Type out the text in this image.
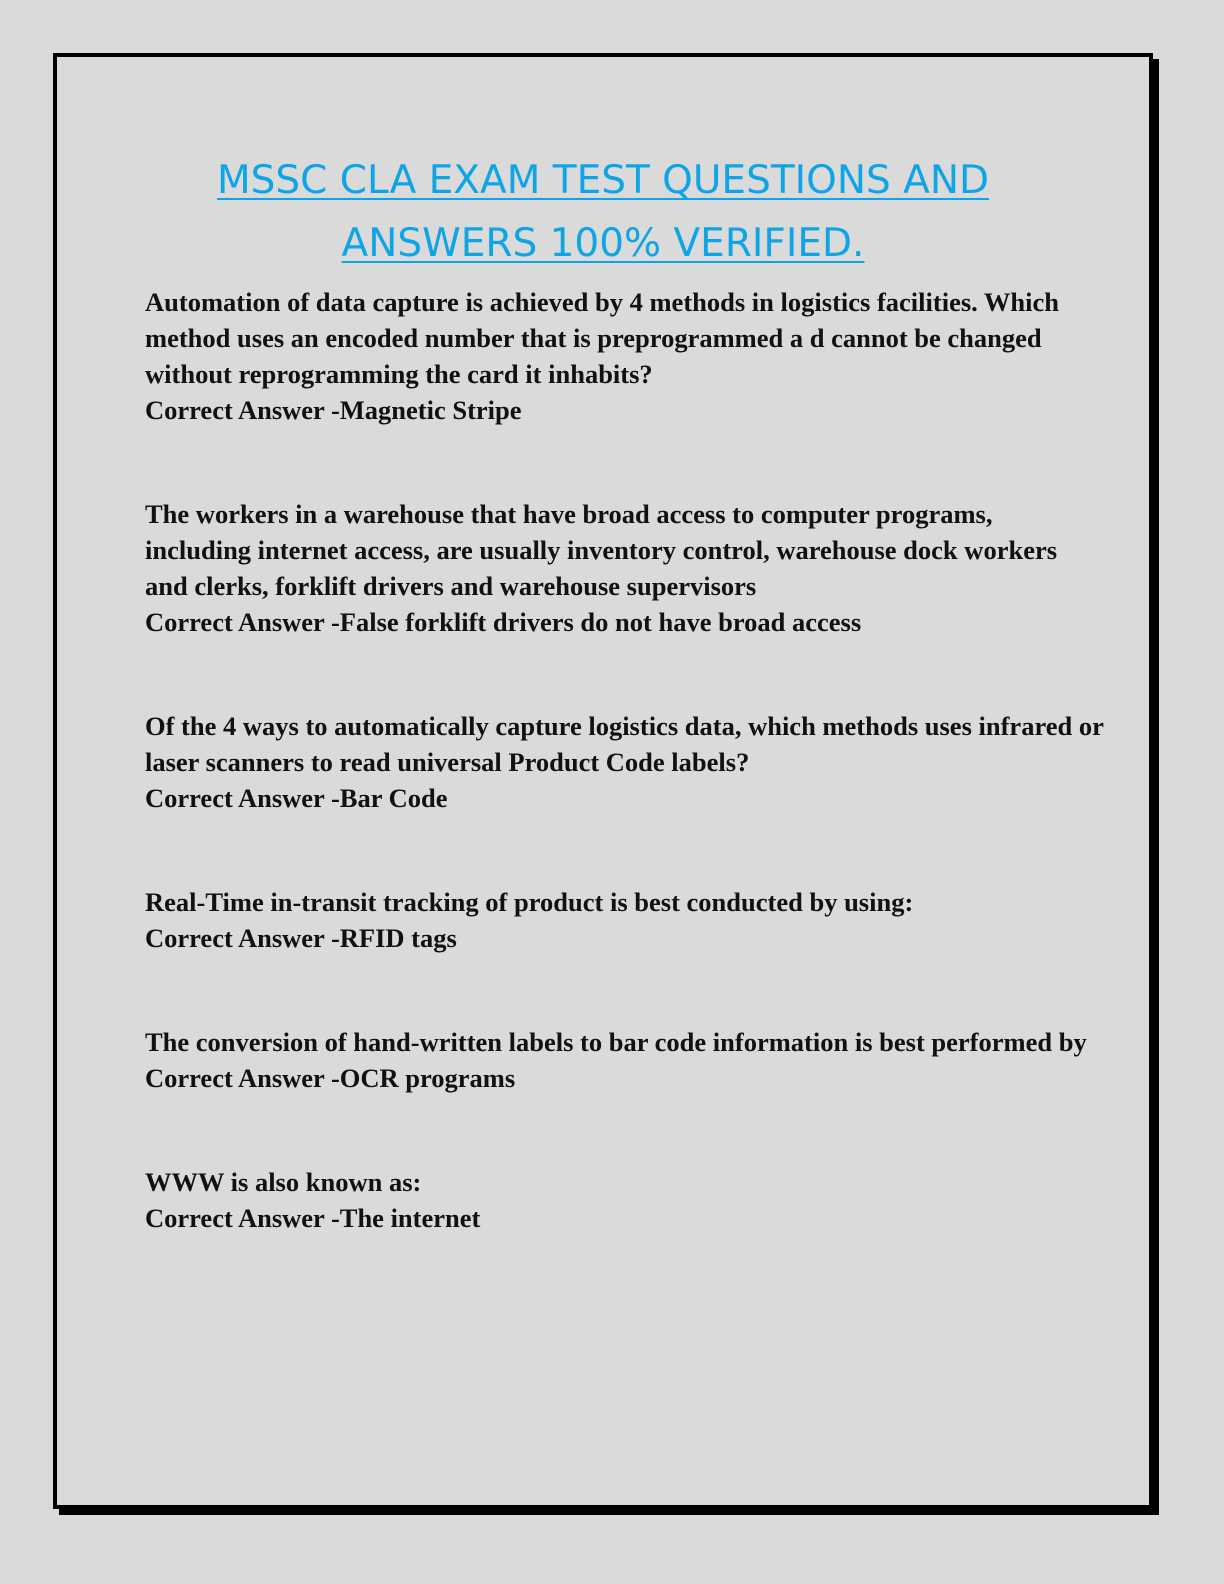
MSSC CLA EXAM TEST QUESTIONS AND
ANSWERS 100% VERIFIED.

Automation of data capture is achieved by 4 methods in logistics facilities. Which method uses an encoded number that is preprogrammed a d cannot be changed without reprogramming the card it inhabits?

Correct Answer -Magnetic Stripe

The workers in a warehouse that have broad access to computer programs, including internet access, are usually inventory control, warehouse dock workers and clerks, forklift drivers and warehouse supervisors

Correct Answer -False forklift drivers do not have broad access

Of the 4 ways to automatically capture logistics data, which methods uses infrared or laser scanners to read universal Product Code labels?

Correct Answer -Bar Code

Real-Time in-transit tracking of product is best conducted by using:

Correct Answer -RFID tags

The conversion of hand-written labels to bar code information is best performed by

Correct Answer -OCR programs

WWW is also known as:

Correct Answer -The internet
